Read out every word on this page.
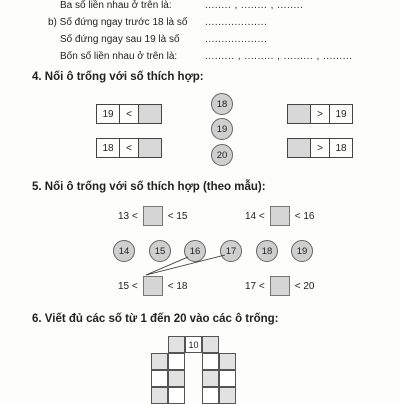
Ba số liền nhau ở trên là:	........ , ........ , ........
b) Số đứng ngay trước 18 là số ...................
Số đứng ngay sau 19 là số	...................
Bốn số liền nhau ở trên là:	......... , ......... , ......... , .........
4. Nối ô trống với số thích hợp:
19	<
18	<
18
19
20
>	19
>	18
5. Nối ô trống với số thích hợp (theo mẫu):
13 <	< 15	14 <	< 16
14	15	16	17	18	19
15 <	< 18	17 <	< 20
6. Viết đủ các số từ 1 đến 20 vào các ô trống:
10
